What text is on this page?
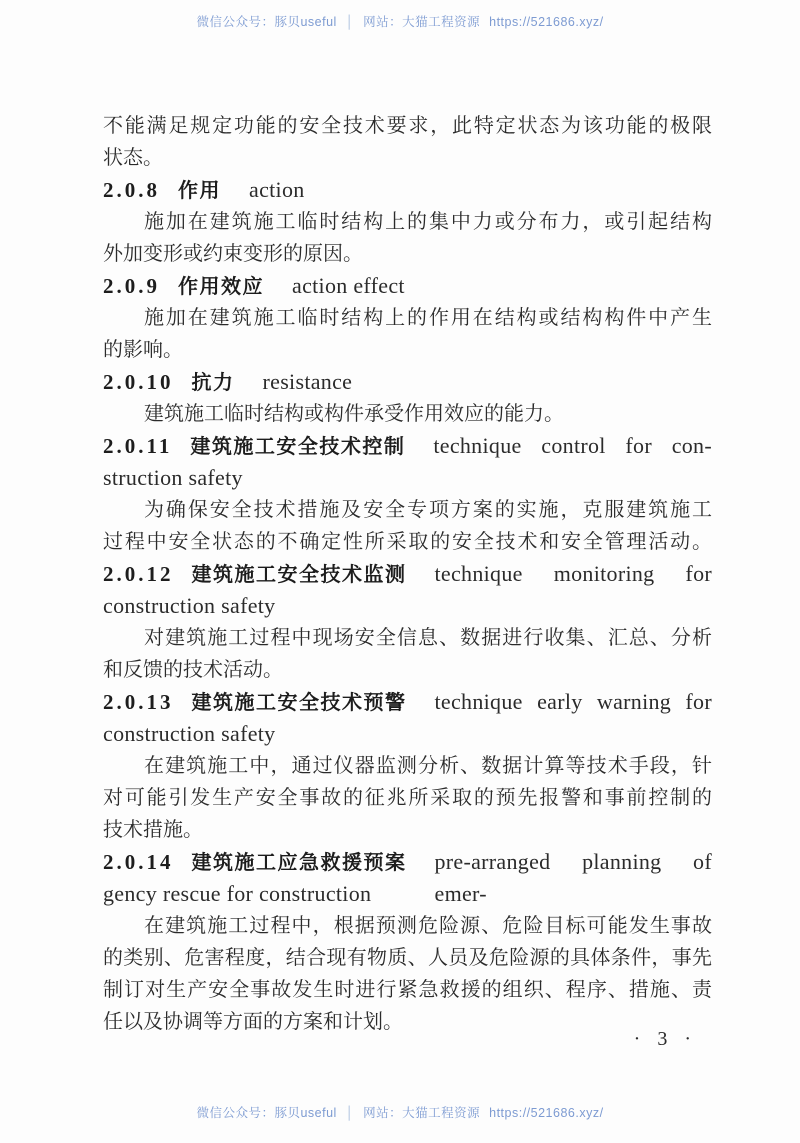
微信公众号：豚贝useful │ 网站：大猫工程资源 https://521686.xyz/
不能满足规定功能的安全技术要求，此特定状态为该功能的极限
状态。
2.0.8 作用 action
施加在建筑施工临时结构上的集中力或分布力，或引起结构
外加变形或约束变形的原因。
2.0.9 作用效应 action effect
施加在建筑施工临时结构上的作用在结构或结构构件中产生
的影响。
2.0.10 抗力 resistance
建筑施工临时结构或构件承受作用效应的能力。
2.0.11 建筑施工安全技术控制 technique control for con-
struction safety
为确保安全技术措施及安全专项方案的实施，克服建筑施工
过程中安全状态的不确定性所采取的安全技术和安全管理活动。
2.0.12 建筑施工安全技术监测 technique monitoring for
construction safety
对建筑施工过程中现场安全信息、数据进行收集、汇总、分析
和反馈的技术活动。
2.0.13 建筑施工安全技术预警 technique early warning for
construction safety
在建筑施工中，通过仪器监测分析、数据计算等技术手段，针
对可能引发生产安全事故的征兆所采取的预先报警和事前控制的
技术措施。
2.0.14 建筑施工应急救援预案 pre-arranged planning of emer-
gency rescue for construction
在建筑施工过程中，根据预测危险源、危险目标可能发生事故
的类别、危害程度，结合现有物质、人员及危险源的具体条件，事先
制订对生产安全事故发生时进行紧急救援的组织、程序、措施、责
任以及协调等方面的方案和计划。
· 3 ·
微信公众号：豚贝useful │ 网站：大猫工程资源 https://521686.xyz/
